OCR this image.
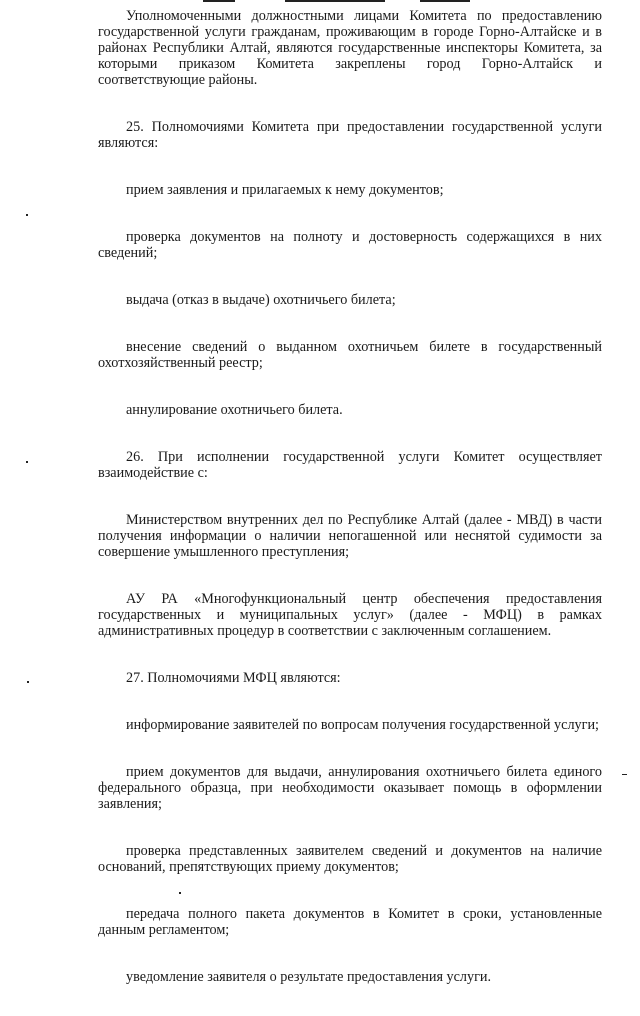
Уполномоченными должностными лицами Комитета по предоставлению государственной услуги гражданам, проживающим в городе Горно-Алтайске и в районах Республики Алтай, являются государственные инспекторы Комитета, за которыми приказом Комитета закреплены город Горно-Алтайск и соответствующие районы.

25. Полномочиями Комитета при предоставлении государственной услуги являются:

прием заявления и прилагаемых к нему документов;

проверка документов на полноту и достоверность содержащихся в них сведений;

выдача (отказ в выдаче) охотничьего билета;

внесение сведений о выданном охотничьем билете в государственный охотхозяйственный реестр;

аннулирование охотничьего билета.

26. При исполнении государственной услуги Комитет осуществляет взаимодействие с:

Министерством внутренних дел по Республике Алтай (далее - МВД) в части получения информации о наличии непогашенной или неснятой судимости за совершение умышленного преступления;

АУ РА «Многофункциональный центр обеспечения предоставления государственных и муниципальных услуг» (далее - МФЦ) в рамках административных процедур в соответствии с заключенным соглашением.

27. Полномочиями МФЦ являются:

информирование заявителей по вопросам получения государственной услуги;

прием документов для выдачи, аннулирования охотничьего билета единого федерального образца, при необходимости оказывает помощь в оформлении заявления;

проверка представленных заявителем сведений и документов на наличие оснований, препятствующих приему документов;

передача полного пакета документов в Комитет в сроки, установленные данным регламентом;

уведомление заявителя о результате предоставления услуги.
